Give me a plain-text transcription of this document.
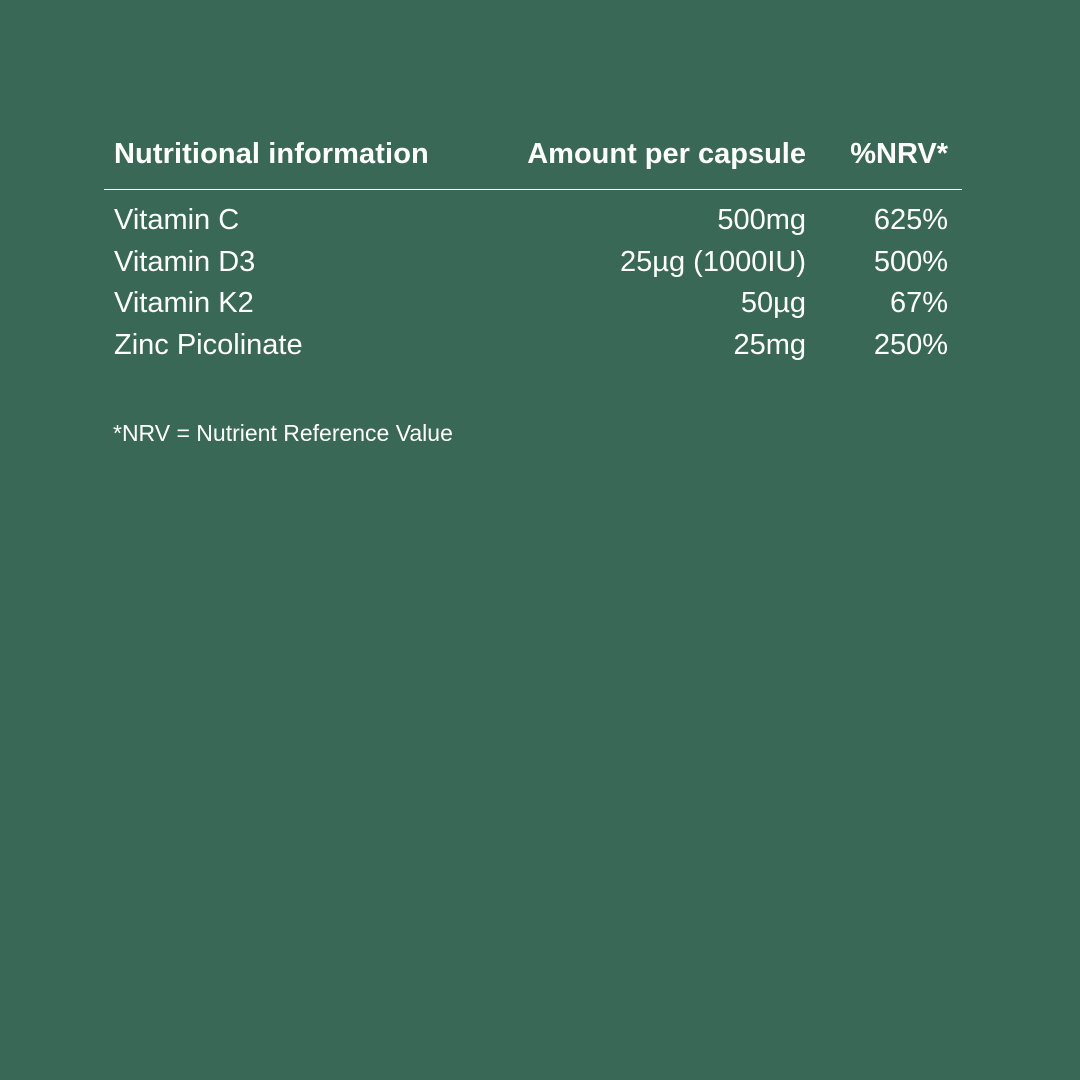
Nutritional information	Amount per capsule	%NRV*
Vitamin C	500mg	625%
Vitamin D3	25µg (1000IU)	500%
Vitamin K2	50µg	67%
Zinc Picolinate	25mg	250%
*NRV = Nutrient Reference Value
